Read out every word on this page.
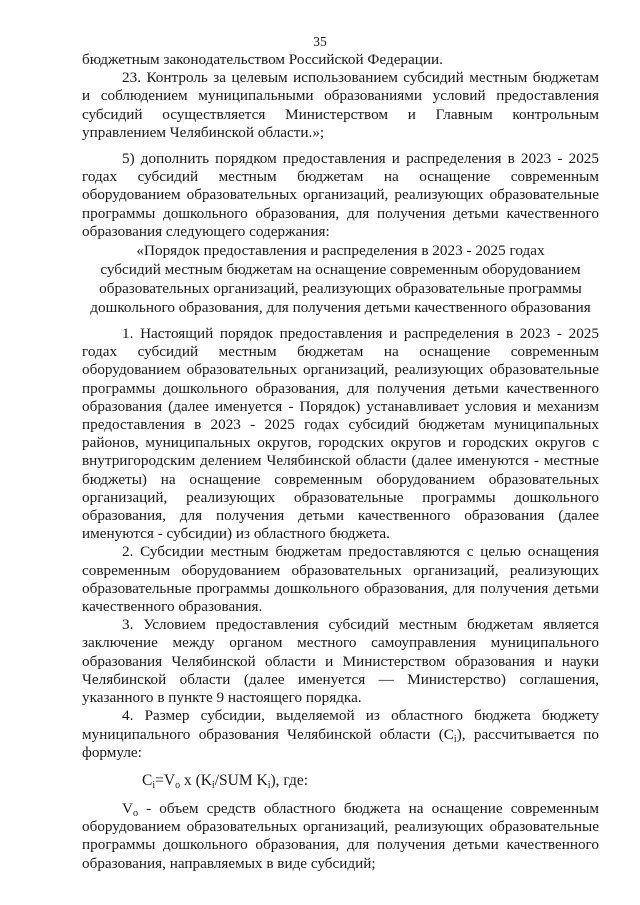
35

бюджетным законодательством Российской Федерации.

23. Контроль за целевым использованием субсидий местным бюджетам и соблюдением муниципальными образованиями условий предоставления субсидий осуществляется Министерством и Главным контрольным управлением Челябинской области.»;

5) дополнить порядком предоставления и распределения в 2023 - 2025 годах субсидий местным бюджетам на оснащение современным оборудованием образовательных организаций, реализующих образовательные программы дошкольного образования, для получения детьми качественного образования следующего содержания:

«Порядок предоставления и распределения в 2023 - 2025 годах
субсидий местным бюджетам на оснащение современным оборудованием
образовательных организаций, реализующих образовательные программы
дошкольного образования, для получения детьми качественного образования

1. Настоящий порядок предоставления и распределения в 2023 - 2025 годах субсидий местным бюджетам на оснащение современным оборудованием образовательных организаций, реализующих образовательные программы дошкольного образования, для получения детьми качественного образования (далее именуется - Порядок) устанавливает условия и механизм предоставления в 2023 - 2025 годах субсидий бюджетам муниципальных районов, муниципальных округов, городских округов и городских округов с внутригородским делением Челябинской области (далее именуются - местные бюджеты) на оснащение современным оборудованием образовательных организаций, реализующих образовательные программы дошкольного образования, для получения детьми качественного образования (далее именуются - субсидии) из областного бюджета.

2. Субсидии местным бюджетам предоставляются с целью оснащения современным оборудованием образовательных организаций, реализующих образовательные программы дошкольного образования, для получения детьми качественного образования.

3. Условием предоставления субсидий местным бюджетам является заключение между органом местного самоуправления муниципального образования Челябинской области и Министерством образования и науки Челябинской области (далее именуется — Министерство) соглашения, указанного в пункте 9 настоящего порядка.

4. Размер субсидии, выделяемой из областного бюджета бюджету муниципального образования Челябинской области $(C_i)$, рассчитывается по формуле:

$C_i=V_o$ x ($K_i$/SUM $K_i$), где:

$V_o$ - объем средств областного бюджета на оснащение современным оборудованием образовательных организаций, реализующих образовательные программы дошкольного образования, для получения детьми качественного образования, направляемых в виде субсидий;
